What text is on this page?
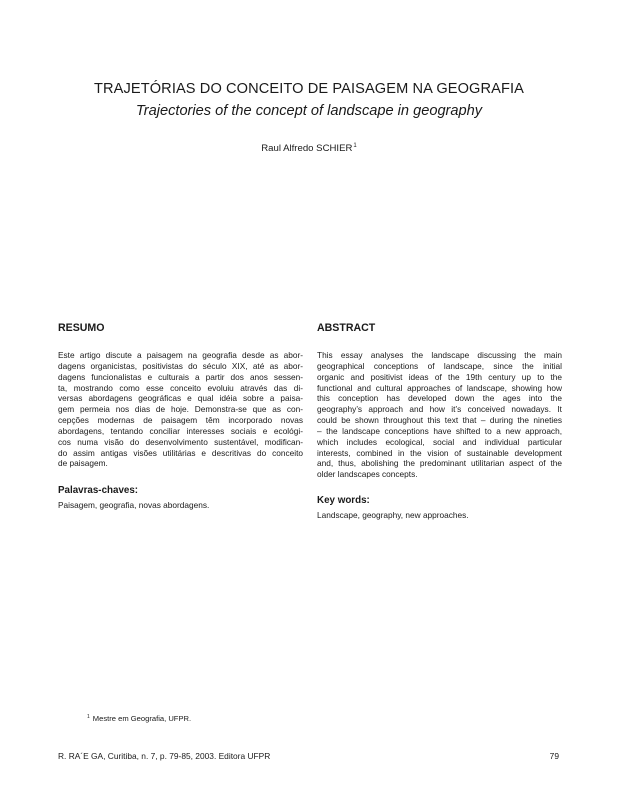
TRAJETÓRIAS DO CONCEITO DE PAISAGEM NA GEOGRAFIA
Trajectories of the concept of landscape in geography
Raul Alfredo SCHIER$^1$
RESUMO
Este artigo discute a paisagem na geografia desde as abor-
dagens organicistas, positivistas do século XIX, até as abor-
dagens funcionalistas e culturais a partir dos anos sessen-
ta, mostrando como esse conceito evoluiu através das di-
versas abordagens geográficas e qual idéia sobre a paisa-
gem permeia nos dias de hoje. Demonstra-se que as con-
cepções modernas de paisagem têm incorporado novas
abordagens, tentando conciliar interesses sociais e ecológi-
cos numa visão do desenvolvimento sustentável, modifican-
do assim antigas visões utilitárias e descritivas do conceito
de paisagem.
Palavras-chaves:
Paisagem, geografia, novas abordagens.
ABSTRACT
This essay analyses the landscape discussing the main
geographical conceptions of landscape, since the initial
organic and positivist ideas of the 19th century up to the
functional and cultural approaches of landscape, showing how
this conception has developed down the ages into the
geography’s approach and how it’s conceived nowadays. It
could be shown throughout this text that – during the nineties
– the landscape conceptions have shifted to a new approach,
which includes ecological, social and individual particular
interests, combined in the vision of sustainable development
and, thus, abolishing the predominant utilitarian aspect of the
older landscapes concepts.
Key words:
Landscape, geography, new approaches.
$^1$ Mestre em Geografia, UFPR.
R. RA´E GA, Curitiba, n. 7, p. 79-85, 2003. Editora UFPR	79
